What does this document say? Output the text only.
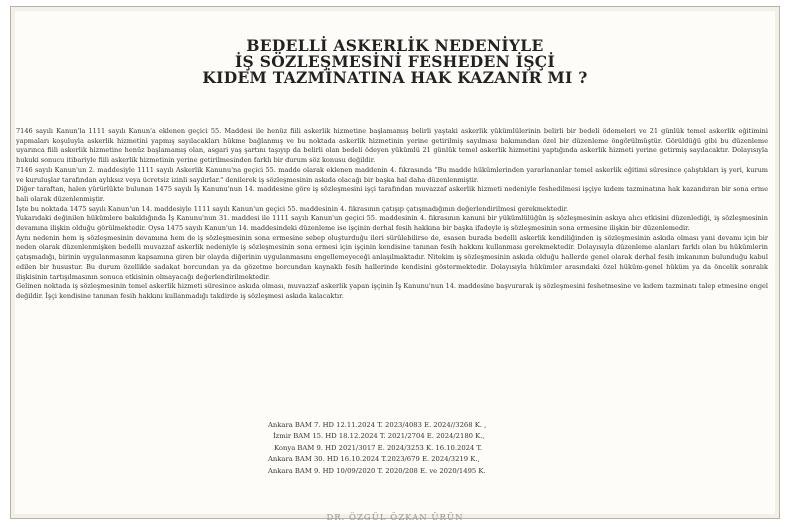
BEDELLİ ASKERLİK NEDENİYLE
İŞ SÖZLEŞMESİNİ FESHEDEN İŞÇİ
KIDEM TAZMİNATINA HAK KAZANIR MI ?

7146 sayılı Kanun'la 1111 sayılı Kanun'a eklenen geçici 55. Maddesi ile henüz fiili askerlik hizmetine başlamamış belirli yaştaki askerlik yükümlülerinin belirli bir bedeli ödemeleri ve 21 günlük temel askerlik eğitimini yapmaları koşuluyla askerlik hizmetini yapmış sayılacakları hükme bağlanmış ve bu noktada askerlik hizmetinin yerine getirilmiş sayılması bakımından özel bir düzenleme öngörülmüştür. Görüldüğü gibi bu düzenleme uyarınca fiili askerlik hizmetine henüz başlamamış olan, asgari yaş şartını taşıyıp da belirli olan bedeli ödeyen yükümlü 21 günlük temel askerlik hizmetini yaptığında askerlik hizmeti yerine getirmiş sayılacaktır. Dolayısıyla hukuki sonucu itibariyle fiili askerlik hizmetinin yerine getirilmesinden farklı bir durum söz konusu değildir.

7146 sayılı Kanun'un 2. maddesiyle 1111 sayılı Askerlik Kanunu'na geçici 55. madde olarak eklenen maddenin 4. fıkrasında "Bu madde hükümlerinden yararlananlar temel askerlik eğitimi süresince çalıştıkları iş yeri, kurum ve kuruluşlar tarafından aylıksız veya ücretsiz izinli sayılırlar." denilerek iş sözleşmesinin askıda olacağı bir başka hal daha düzenlenmiştir.

Diğer taraftan, halen yürürlükte bulunan 1475 sayılı İş Kanunu'nun 14. maddesine göre iş sözleşmesini işçi tarafından muvazzaf askerlik hizmeti nedeniyle feshedilmesi işçiye kıdem tazminatına hak kazandıran bir sona erme hali olarak düzenlenmiştir.

İşte bu noktada 1475 sayılı Kanun'un 14. maddesiyle 1111 sayılı Kanun'un geçici 55. maddesinin 4. fıkrasının çatışıp çatışmadığının değerlendirilmesi gerekmektedir.

Yukarıdaki değinilen hükümlere bakıldığında İş Kanunu'nun 31. maddesi ile 1111 sayılı Kanun'un geçici 55. maddesinin 4. fıkrasının kanuni bir yükümlülüğün iş sözleşmesinin askıya alıcı etkisini düzenlediği, iş sözleşmesinin devamına ilişkin olduğu görülmektedir. Oysa 1475 sayılı Kanun'un 14. maddesindeki düzenleme ise işçinin derhal fesih hakkına bir başka ifadeyle iş sözleşmesinin sona ermesine ilişkin bir düzenlemedir.

Aynı nedenin hem iş sözleşmesinin devamına hem de iş sözleşmesinin sona ermesine sebep oluşturduğu ileri sürülebilirse de, esasen burada bedelli askerlik kendiliğinden iş sözleşmesinin askıda olması yani devamı için bir neden olarak düzenlenmişken bedelli muvazzaf askerlik nedeniyle iş sözleşmesinin sona ermesi için işçinin kendisine tanınan fesih hakkını kullanması gerekmektedir. Dolayısıyla düzenleme alanları farklı olan bu hükümlerin çatışmadığı, birinin uygulanmasının kapsamına giren bir olayda diğerinin uygulanmasını engellemeyeceği anlaşılmaktadır. Nitekim iş sözleşmesinin askıda olduğu hallerde genel olarak derhal fesih imkanının bulunduğu kabul edilen bir husustur. Bu durum özellikle sadakat borcundan ya da gözetme borcundan kaynaklı fesih hallerinde kendisini göstermektedir. Dolayısıyla hükümler arasındaki özel hüküm-genel hüküm ya da öncelik sonralık ilişkisinin tartışılmasının sonuca etkisinin olmayacağı değerlendirilmektedir.

Gelinen noktada iş sözleşmesinin temel askerlik hizmeti süresince askıda olması, muvazzaf askerlik yapan işçinin İş Kanunu'nun 14. maddesine başvurarak iş sözleşmesini feshetmesine ve kıdem tazminatı talep etmesine engel değildir. İşçi kendisine tanınan fesih hakkını kullanmadığı takdirde iş sözleşmesi askıda kalacaktır.

Ankara BAM 7. HD 12.11.2024 T. 2023/4083 E. 2024//3268 K. ,
İzmir BAM 15. HD 18.12.2024 T. 2021/2704 E. 2024/2180 K.,
Konya BAM 9. HD 2021/3017 E. 2024/3253 K. 16.10.2024 T.
Ankara BAM 30. HD 16.10.2024 T.2023/679 E. 2024/3219 K.,
Ankara BAM 9. HD 10/09/2020 T. 2020/208 E. ve 2020/1495 K.
DR. ÖZGÜL ÖZKAN ÜRÜN
